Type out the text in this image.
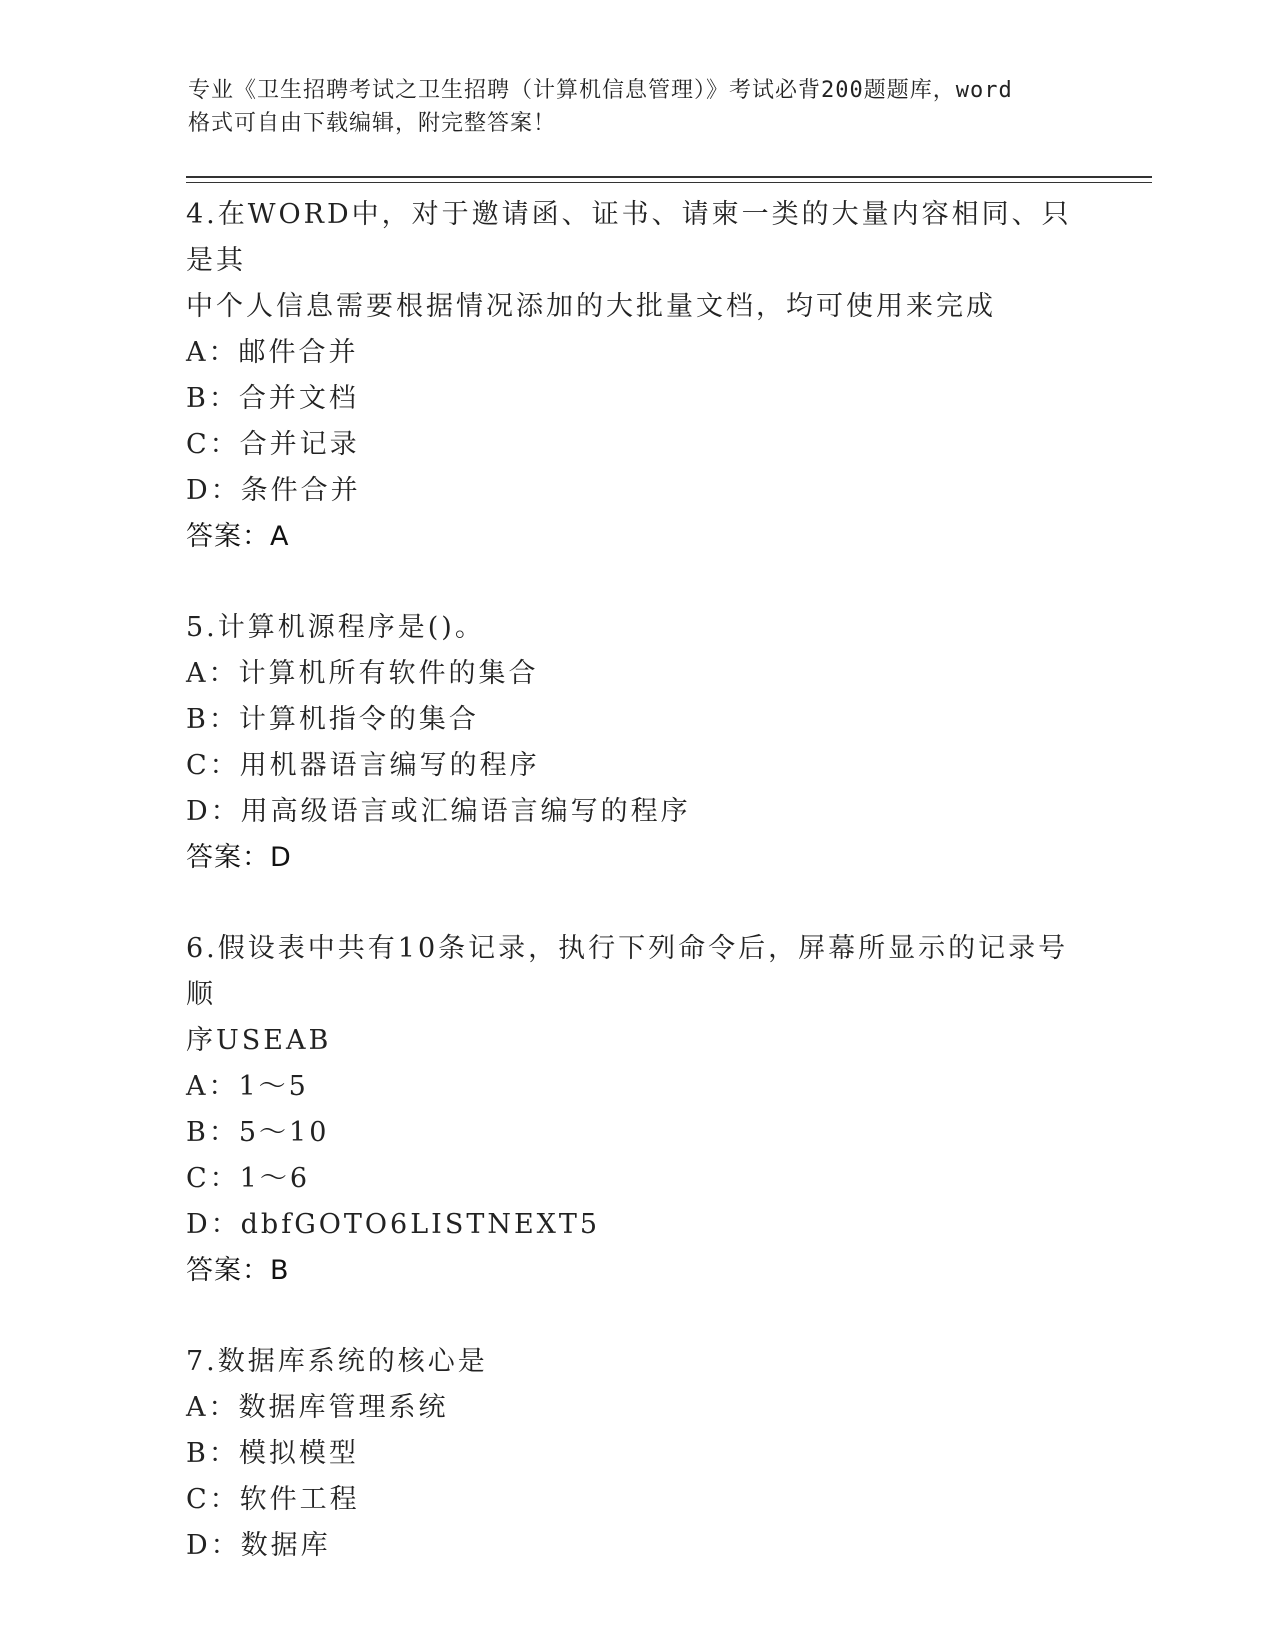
专业《卫生招聘考试之卫生招聘（计算机信息管理）》考试必背200题题库，word
格式可自由下载编辑，附完整答案！
4.在WORD中，对于邀请函、证书、请柬一类的大量内容相同、只是其
中个人信息需要根据情况添加的大批量文档，均可使用来完成
A：邮件合并
B：合并文档
C：合并记录
D：条件合并
答案：A
5.计算机源程序是()。
A：计算机所有软件的集合
B：计算机指令的集合
C：用机器语言编写的程序
D：用高级语言或汇编语言编写的程序
答案：D
6.假设表中共有10条记录，执行下列命令后，屏幕所显示的记录号顺
序USEAB
A：1～5
B：5～10
C：1～6
D：dbfGOTO6LISTNEXT5
答案：B
7.数据库系统的核心是
A：数据库管理系统
B：模拟模型
C：软件工程
D：数据库
